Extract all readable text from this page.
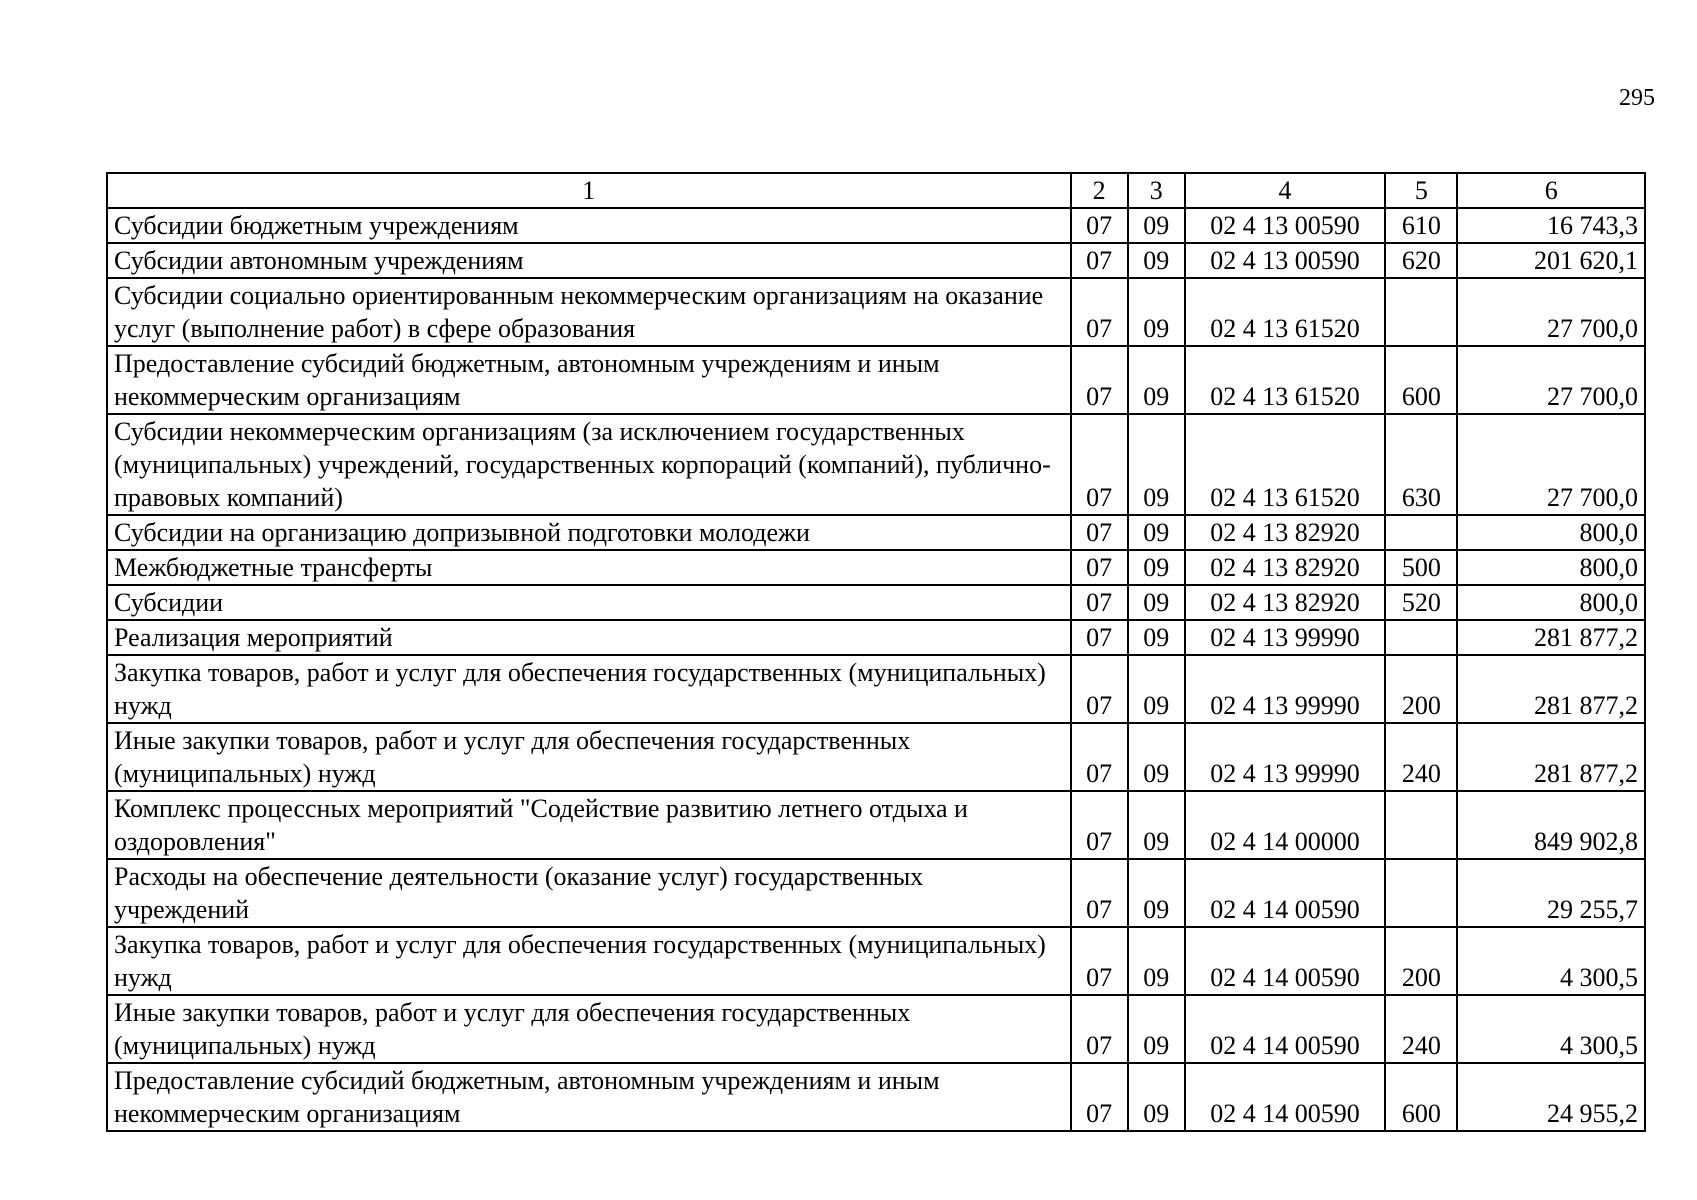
295
1	2	3	4	5	6
Субсидии бюджетным учреждениям	07	09	02 4 13 00590	610	16 743,3
Субсидии автономным учреждениям	07	09	02 4 13 00590	620	201 620,1
Субсидии социально ориентированным некоммерческим организациям на оказание услуг (выполнение работ) в сфере образования	07	09	02 4 13 61520		27 700,0
Предоставление субсидий бюджетным, автономным учреждениям и иным некоммерческим организациям	07	09	02 4 13 61520	600	27 700,0
Субсидии некоммерческим организациям (за исключением государственных (муниципальных) учреждений, государственных корпораций (компаний), публично-правовых компаний)	07	09	02 4 13 61520	630	27 700,0
Субсидии на организацию допризывной подготовки молодежи	07	09	02 4 13 82920		800,0
Межбюджетные трансферты	07	09	02 4 13 82920	500	800,0
Субсидии	07	09	02 4 13 82920	520	800,0
Реализация мероприятий	07	09	02 4 13 99990		281 877,2
Закупка товаров, работ и услуг для обеспечения государственных (муниципальных) нужд	07	09	02 4 13 99990	200	281 877,2
Иные закупки товаров, работ и услуг для обеспечения государственных (муниципальных) нужд	07	09	02 4 13 99990	240	281 877,2
Комплекс процессных мероприятий "Содействие развитию летнего отдыха и оздоровления"	07	09	02 4 14 00000		849 902,8
Расходы на обеспечение деятельности (оказание услуг) государственных учреждений	07	09	02 4 14 00590		29 255,7
Закупка товаров, работ и услуг для обеспечения государственных (муниципальных) нужд	07	09	02 4 14 00590	200	4 300,5
Иные закупки товаров, работ и услуг для обеспечения государственных (муниципальных) нужд	07	09	02 4 14 00590	240	4 300,5
Предоставление субсидий бюджетным, автономным учреждениям и иным некоммерческим организациям	07	09	02 4 14 00590	600	24 955,2
